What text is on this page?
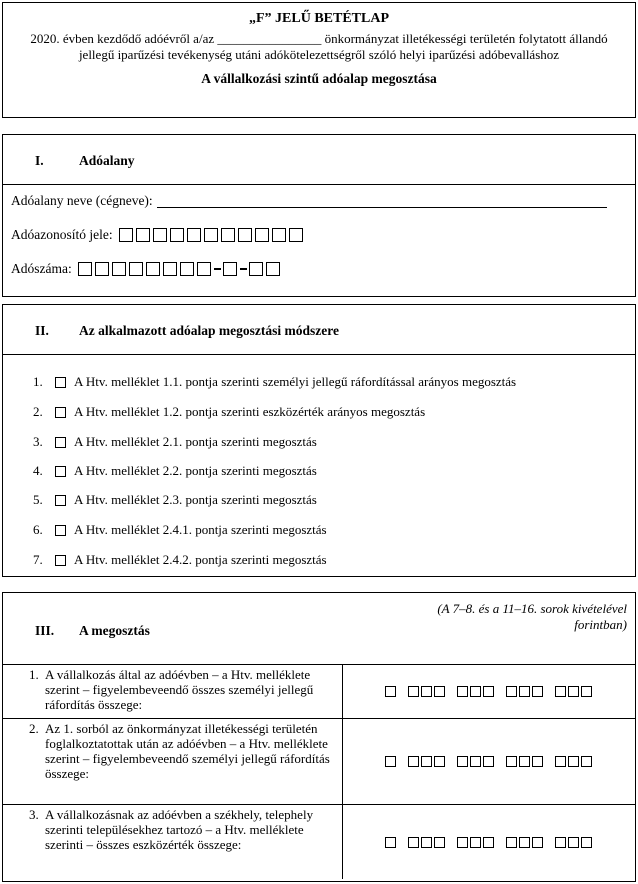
„F” JELŰ BETÉTLAP
2020. évben kezdődő adóévről a/az ________________ önkormányzat illetékességi területén folytatott állandó jellegű iparűzési tevékenység utáni adókötelezettségről szóló helyi iparűzési adóbevalláshoz
A vállalkozási szintű adóalap megosztása
I.	Adóalany
Adóalany neve (cégneve):
Adóazonosító jele:
Adószáma:
II. Az alkalmazott adóalap megosztási módszere
1.	A Htv. melléklet 1.1. pontja szerinti személyi jellegű ráfordítással arányos megosztás
2.	A Htv. melléklet 1.2. pontja szerinti eszközérték arányos megosztás
3.	A Htv. melléklet 2.1. pontja szerinti megosztás
4.	A Htv. melléklet 2.2. pontja szerinti megosztás
5.	A Htv. melléklet 2.3. pontja szerinti megosztás
6.	A Htv. melléklet 2.4.1. pontja szerinti megosztás
7.	A Htv. melléklet 2.4.2. pontja szerinti megosztás
III. A megosztás
(A 7–8. és a 11–16. sorok kivételével forintban)
1. A vállalkozás által az adóévben – a Htv. melléklete szerint – figyelembeveendő összes személyi jellegű ráfordítás összege:
2. Az 1. sorból az önkormányzat illetékességi területén foglalkoztatottak után az adóévben – a Htv. melléklete szerint – figyelembeveendő személyi jellegű ráfordítás összege:
3. A vállalkozásnak az adóévben a székhely, telephely szerinti településekhez tartozó – a Htv. melléklete szerinti – összes eszközérték összege:
